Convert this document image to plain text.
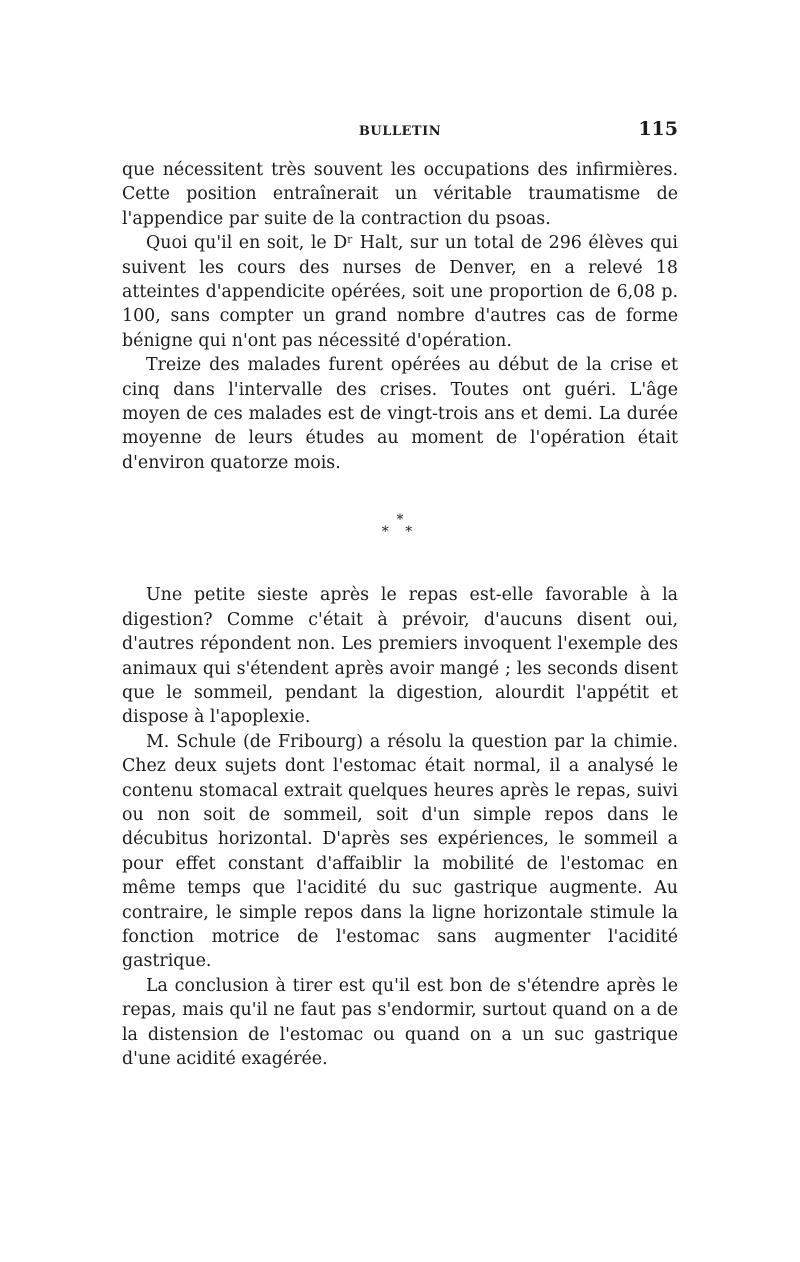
BULLETIN	115

que nécessitent très souvent les occupations des infirmières. Cette position entraînerait un véritable traumatisme de l'appendice par suite de la contraction du psoas.

Quoi qu'il en soit, le Dʳ Halt, sur un total de 296 élèves qui suivent les cours des nurses de Denver, en a relevé 18 atteintes d'appendicite opérées, soit une proportion de 6,08 p. 100, sans compter un grand nombre d'autres cas de forme bénigne qui n'ont pas nécessité d'opération.

Treize des malades furent opérées au début de la crise et cinq dans l'intervalle des crises. Toutes ont guéri. L'âge moyen de ces malades est de vingt-trois ans et demi. La durée moyenne de leurs études au moment de l'opération était d'environ quatorze mois.

*
* *

Une petite sieste après le repas est-elle favorable à la digestion? Comme c'était à prévoir, d'aucuns disent oui, d'autres répondent non. Les premiers invoquent l'exemple des animaux qui s'étendent après avoir mangé ; les seconds disent que le sommeil, pendant la digestion, alourdit l'appétit et dispose à l'apoplexie.

M. Schule (de Fribourg) a résolu la question par la chimie. Chez deux sujets dont l'estomac était normal, il a analysé le contenu stomacal extrait quelques heures après le repas, suivi ou non soit de sommeil, soit d'un simple repos dans le décubitus horizontal. D'après ses expériences, le sommeil a pour effet constant d'affaiblir la mobilité de l'estomac en même temps que l'acidité du suc gastrique augmente. Au contraire, le simple repos dans la ligne horizontale stimule la fonction motrice de l'estomac sans augmenter l'acidité gastrique.

La conclusion à tirer est qu'il est bon de s'étendre après le repas, mais qu'il ne faut pas s'endormir, surtout quand on a de la distension de l'estomac ou quand on a un suc gastrique d'une acidité exagérée.
